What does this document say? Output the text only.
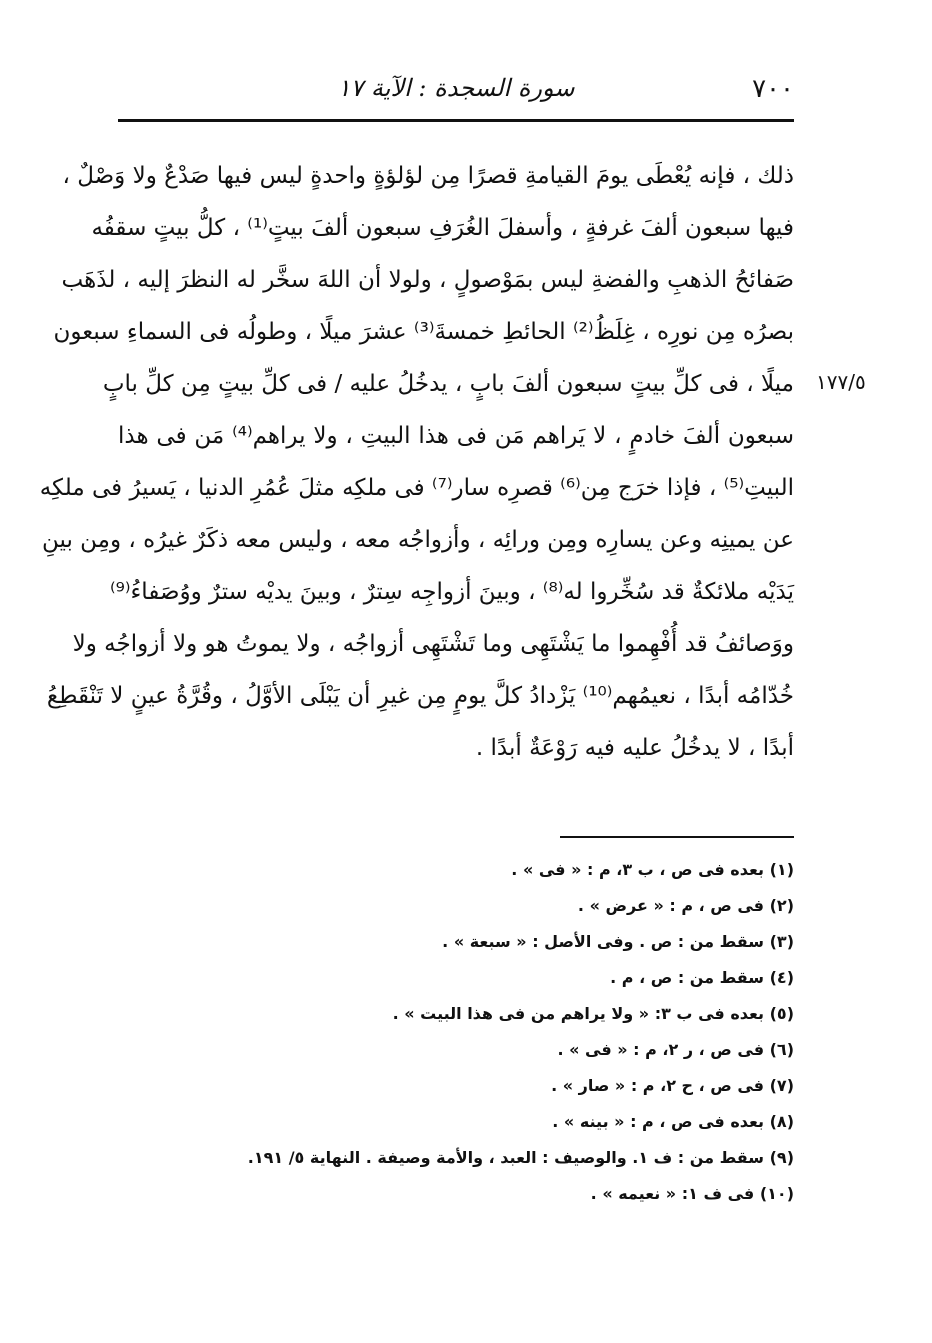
٧٠٠
سورة السجدة : الآية ١٧
ذلك ، فإنه يُعْطَى يومَ القيامةِ قصرًا مِن لؤلؤةٍ واحدةٍ ليس فيها صَدْعٌ ولا وَصْلٌ ،
فيها سبعون ألفَ غرفةٍ ، وأسفلَ الغُرَفِ سبعون ألفَ بيتٍ⁽¹⁾ ، كلُّ بيتٍ سقفُه
صَفائحُ الذهبِ والفضةِ ليس بمَوْصولٍ ، ولولا أن اللهَ سخَّر له النظرَ إليه ، لذَهَب
بصرُه مِن نورِه ، غِلَظُ⁽²⁾ الحائطِ خمسةَ⁽³⁾ عشرَ ميلًا ، وطولُه فى السماءِ سبعون
ميلًا ، فى كلِّ بيتٍ سبعون ألفَ بابٍ ، يدخُلُ عليه / فى كلِّ بيتٍ مِن كلِّ بابٍ
سبعون ألفَ خادمٍ ، لا يَراهم مَن فى هذا البيتِ ، ولا يراهم⁽⁴⁾ مَن فى هذا
البيتِ⁽⁵⁾ ، فإذا خرَج مِن⁽⁶⁾ قصرِه سار⁽⁷⁾ فى ملكِه مثلَ عُمُرِ الدنيا ، يَسيرُ فى ملكِه
عن يمينِه وعن يسارِه ومِن ورائِه ، وأزواجُه معه ، وليس معه ذكَرٌ غيرُه ، ومِن بينِ
يَدَيْه ملائكةٌ قد سُخِّروا له⁽⁸⁾ ، وبينَ أزواجِه سِترٌ ، وبينَ يديْه سترٌ ووُصَفاءُ⁽⁹⁾
ووَصائفُ قد أُفْهِموا ما يَشْتَهِى وما تَشْتَهِى أزواجُه ، ولا يموتُ هو ولا أزواجُه ولا
خُدّامُه أبدًا ، نعيمُهم⁽¹⁰⁾ يَزْدادُ كلَّ يومٍ مِن غيرِ أن يَبْلَى الأوَّلُ ، وقُرَّةُ عينٍ لا تَنْقَطِعُ
أبدًا ، لا يدخُلُ عليه فيه رَوْعَةٌ أبدًا .
١٧٧/٥
(١) بعده فى ص ، ب ٣، م : « فى » .
(٢) فى ص ، م : « عرض » .
(٣) سقط من : ص . وفى الأصل : « سبعة » .
(٤) سقط من : ص ، م .
(٥) بعده فى ب ٣: « ولا يراهم من فى هذا البيت » .
(٦) فى ص ، ر ٢، م : « فى » .
(٧) فى ص ، ح ٢، م : « صار » .
(٨) بعده فى ص ، م : « بينه » .
(٩) سقط من : ف ١. والوصيف : العبد ، والأمة وصيفة . النهاية ٥/ ١٩١.
(١٠) فى ف ١: « نعيمه » .
